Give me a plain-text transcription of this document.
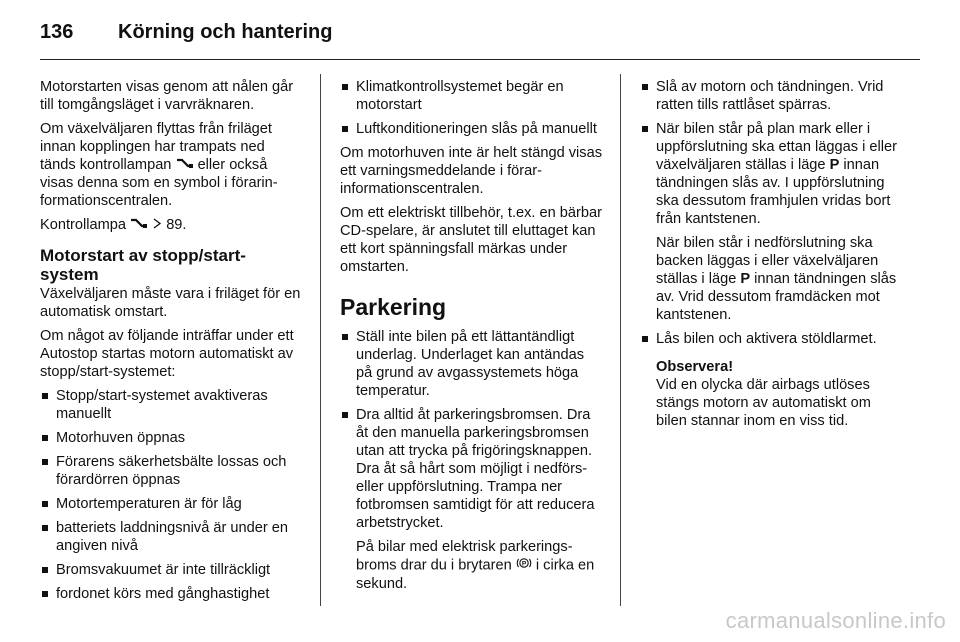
136	Körning och hantering

Motorstarten visas genom att nålen går till tomgångsläget i varvräknaren.

Om växelväljaren flyttas från friläget innan kopplingen har trampats ned tänds kontrollampan eller också visas denna som en symbol i förarinformationscentralen.

Kontrollampa	89.

Motorstart av stopp/start-system

Växelväljaren måste vara i friläget för en automatisk omstart.

Om något av följande inträffar under ett Autostop startas motorn automatiskt av stopp/start-systemet:

Stopp/start-systemet avaktiveras manuellt
Motorhuven öppnas
Förarens säkerhetsbälte lossas och förardörren öppnas
Motortemperaturen är för låg
batteriets laddningsnivå är under en angiven nivå
Bromsvakuumet är inte tillräckligt
fordonet körs med gånghastighet
Klimatkontrollsystemet begär en motorstart
Luftkonditioneringen slås på manuellt

Om motorhuven inte är helt stängd visas ett varningsmeddelande i förarinformationscentralen.

Om ett elektriskt tillbehör, t.ex. en bärbar CD-spelare, är anslutet till eluttaget kan ett kort spänningsfall märkas under omstarten.

Parkering
Ställ inte bilen på ett lättantändligt underlag. Underlaget kan antändas på grund av avgassystemets höga temperatur.
Dra alltid åt parkeringsbromsen. Dra åt den manuella parkeringsbromsen utan att trycka på frigöringsknappen. Dra åt så hårt som möjligt i nedförs- eller uppförslutning. Trampa ner fotbromsen samtidigt för att reducera arbetstrycket.

På bilar med elektrisk parkeringsbroms drar du i brytaren P i cirka en sekund.

Slå av motorn och tändningen. Vrid ratten tills rattlåset spärras.
När bilen står på plan mark eller i uppförslutning ska ettan läggas i eller växelväljaren ställas i läge P innan tändningen slås av. I uppförslutning ska dessutom framhjulen vridas bort från kantstenen.

När bilen står i nedförslutning ska backen läggas i eller växelväljaren ställas i läge P innan tändningen slås av. Vrid dessutom framdäcken mot kantstenen.

Lås bilen och aktivera stöldlarmet.
Observera!
Vid en olycka där airbags utlöses stängs motorn av automatiskt om bilen stannar inom en viss tid.
carmanualsonline.info
